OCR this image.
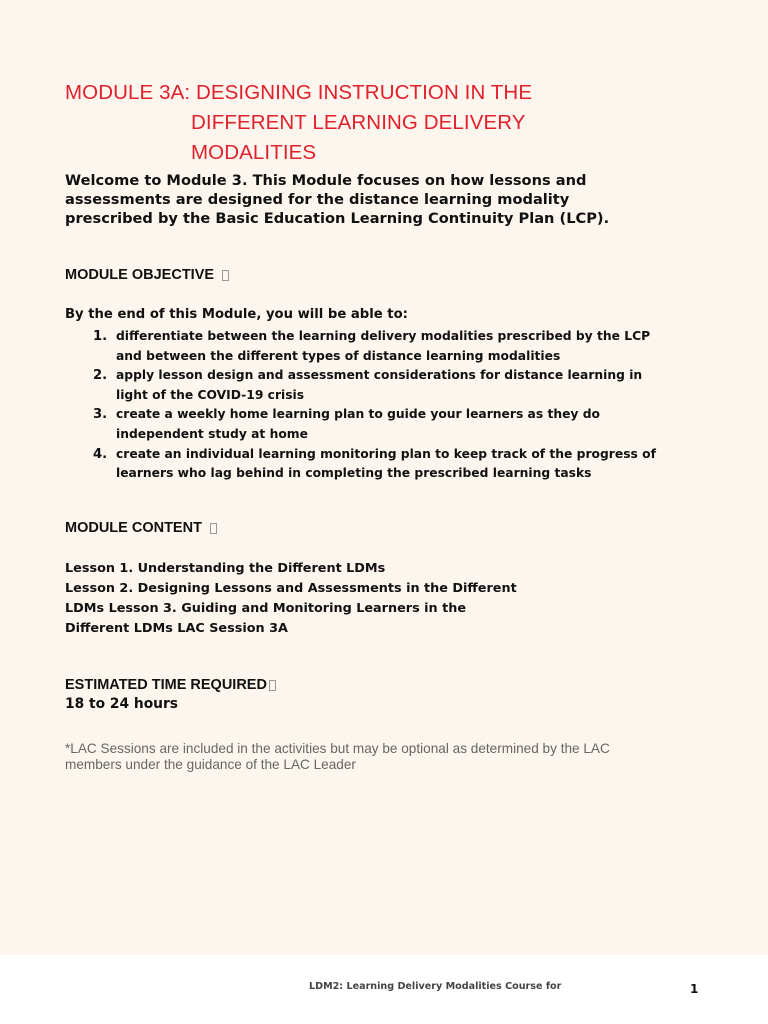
MODULE 3A: DESIGNING INSTRUCTION IN THE
DIFFERENT LEARNING DELIVERY
MODALITIES
Welcome to Module 3. This Module focuses on how lessons and
assessments are designed for the distance learning modality
prescribed by the Basic Education Learning Continuity Plan (LCP).
MODULE OBJECTIVE
By the end of this Module, you will be able to:
1. differentiate between the learning delivery modalities prescribed by the LCP
and between the different types of distance learning modalities
2. apply lesson design and assessment considerations for distance learning in
light of the COVID-19 crisis
3. create a weekly home learning plan to guide your learners as they do
independent study at home
4. create an individual learning monitoring plan to keep track of the progress of
learners who lag behind in completing the prescribed learning tasks
MODULE CONTENT
Lesson 1. Understanding the Different LDMs
Lesson 2. Designing Lessons and Assessments in the Different
LDMs Lesson 3. Guiding and Monitoring Learners in the
Different LDMs LAC Session 3A
ESTIMATED TIME REQUIRED
18 to 24 hours
*LAC Sessions are included in the activities but may be optional as determined by the LAC
members under the guidance of the LAC Leader
LDM2: Learning Delivery Modalities Course for	1
